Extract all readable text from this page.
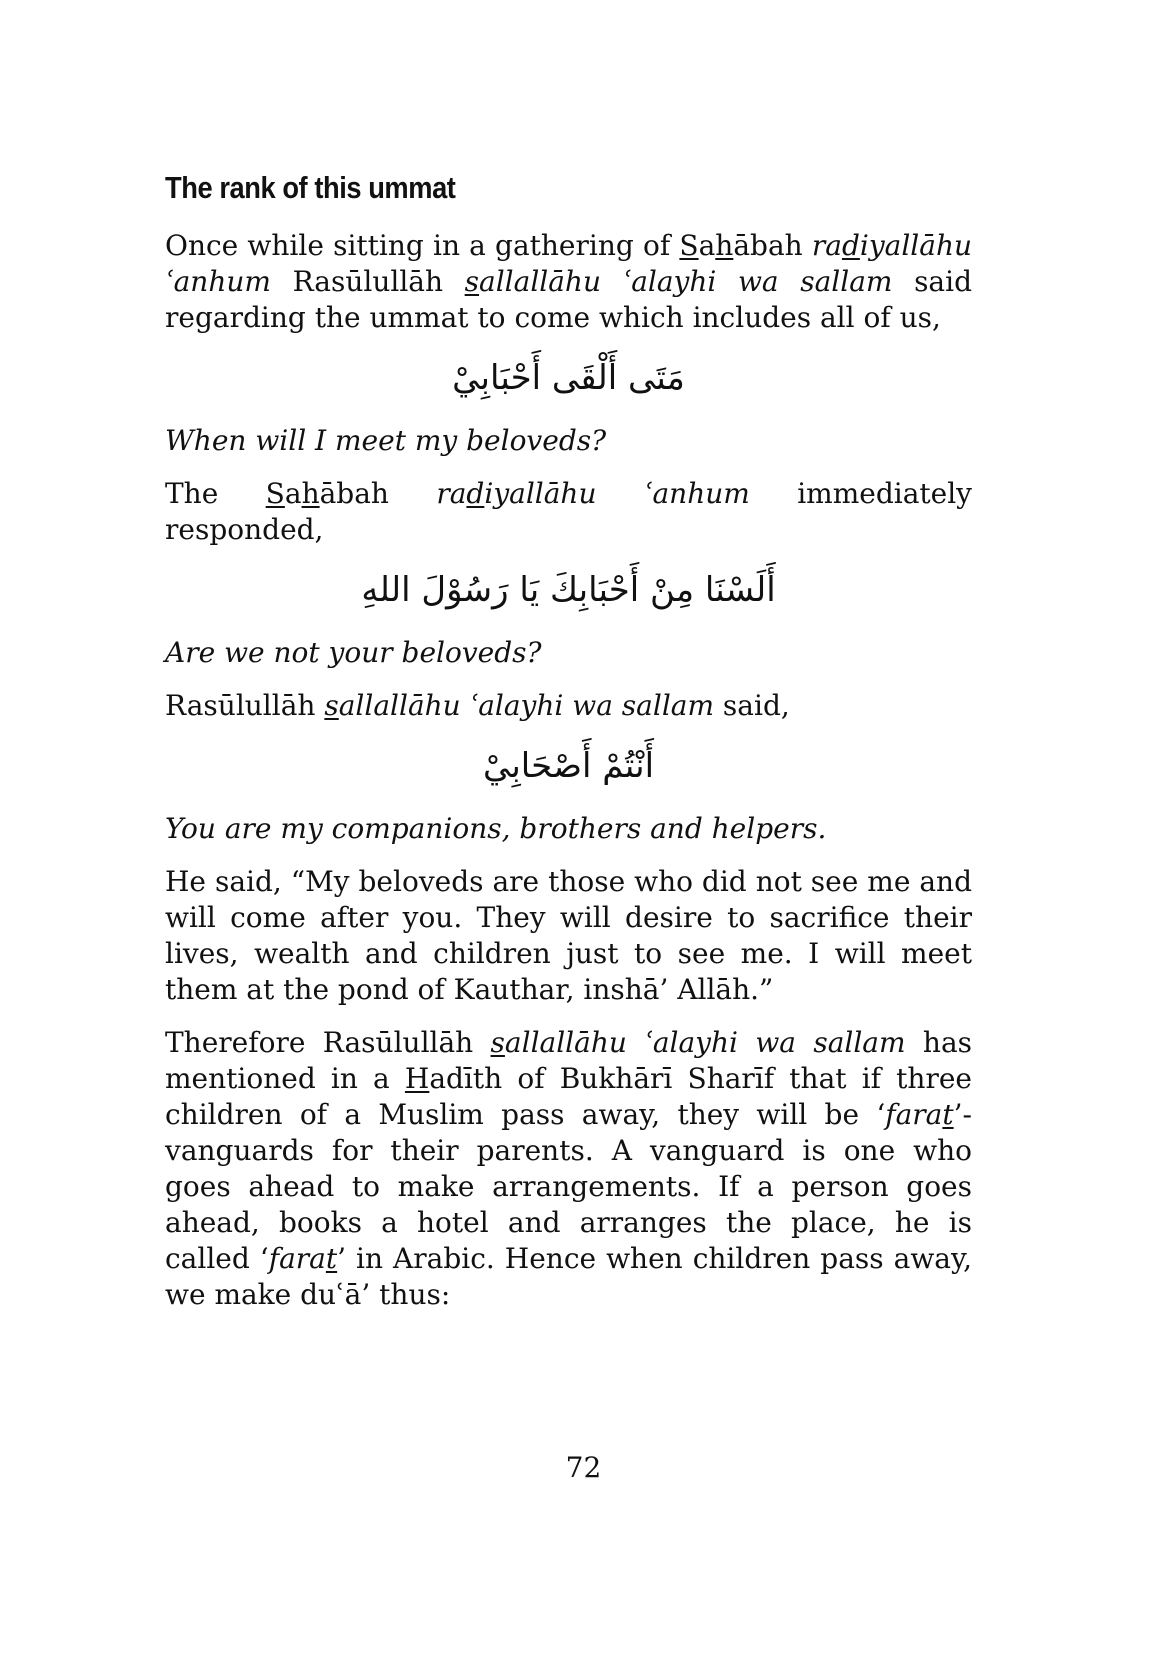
The rank of this ummat

Once while sitting in a gathering of Sahābah radiyallāhu ʿanhum Rasūlullāh sallallāhu ʿalayhi wa sallam said regarding the ummat to come which includes all of us,

مَتَى أَلْقَى أَحْبَابِيْ

When will I meet my beloveds?

The Sahābah radiyallāhu ʿanhum immediately responded,

أَلَسْنَا مِنْ أَحْبَابِكَ يَا رَسُوْلَ اللهِ

Are we not your beloveds?

Rasūlullāh sallallāhu ʿalayhi wa sallam said,

أَنْتُمْ أَصْحَابِيْ

You are my companions, brothers and helpers.

He said, “My beloveds are those who did not see me and will come after you. They will desire to sacrifice their lives, wealth and children just to see me. I will meet them at the pond of Kauthar, inshā’ Allāh.”

Therefore Rasūlullāh sallallāhu ʿalayhi wa sallam has mentioned in a Hadīth of Bukhārī Sharīf that if three children of a Muslim pass away, they will be ‘farat’- vanguards for their parents. A vanguard is one who goes ahead to make arrangements. If a person goes ahead, books a hotel and arranges the place, he is called ‘farat’ in Arabic. Hence when children pass away, we make duʿā’ thus:

72
